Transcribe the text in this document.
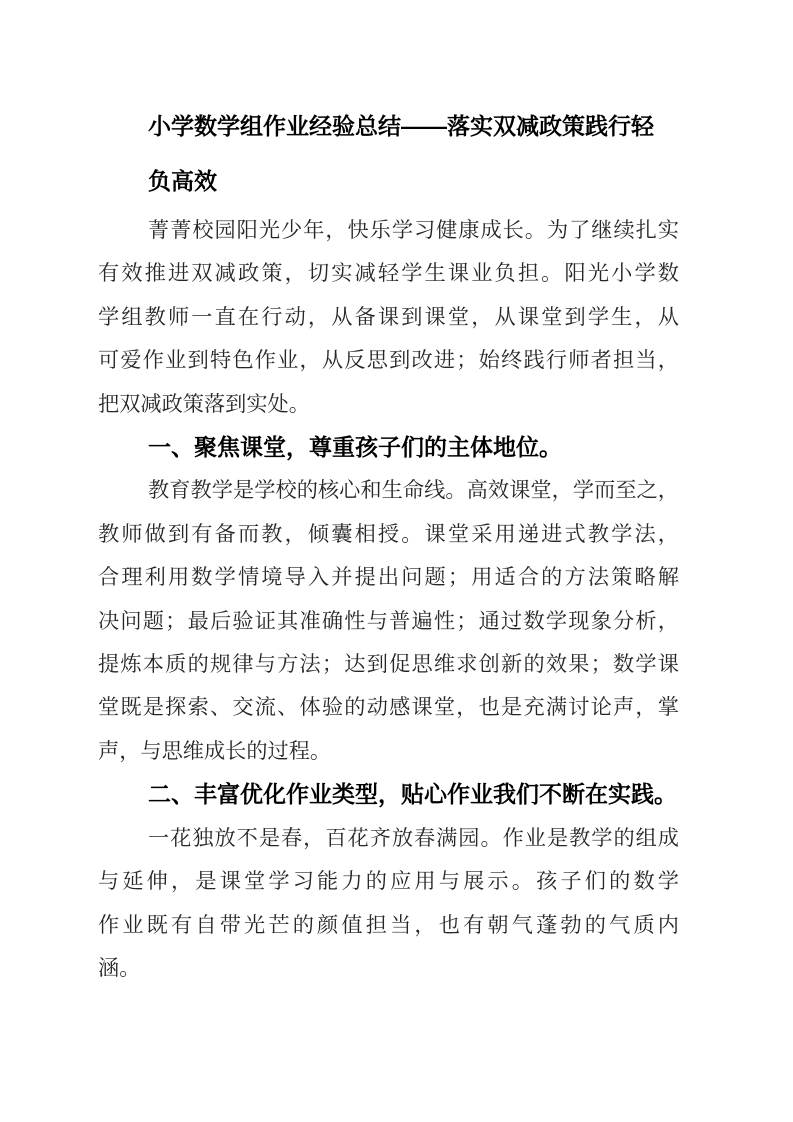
小学数学组作业经验总结——落实双减政策践行轻
负高效
菁菁校园阳光少年，快乐学习健康成长。为了继续扎实
有效推进双减政策，切实减轻学生课业负担。阳光小学数
学组教师一直在行动，从备课到课堂，从课堂到学生，从
可爱作业到特色作业，从反思到改进；始终践行师者担当，
把双减政策落到实处。
一、聚焦课堂，尊重孩子们的主体地位。
教育教学是学校的核心和生命线。高效课堂，学而至之，
教师做到有备而教，倾囊相授。课堂采用递进式教学法，
合理利用数学情境导入并提出问题；用适合的方法策略解
决问题；最后验证其准确性与普遍性；通过数学现象分析，
提炼本质的规律与方法；达到促思维求创新的效果；数学课
堂既是探索、交流、体验的动感课堂，也是充满讨论声，掌
声，与思维成长的过程。
二、丰富优化作业类型，贴心作业我们不断在实践。
一花独放不是春，百花齐放春满园。作业是教学的组成
与延伸，是课堂学习能力的应用与展示。孩子们的数学
作业既有自带光芒的颜值担当，也有朝气蓬勃的气质内
涵。
